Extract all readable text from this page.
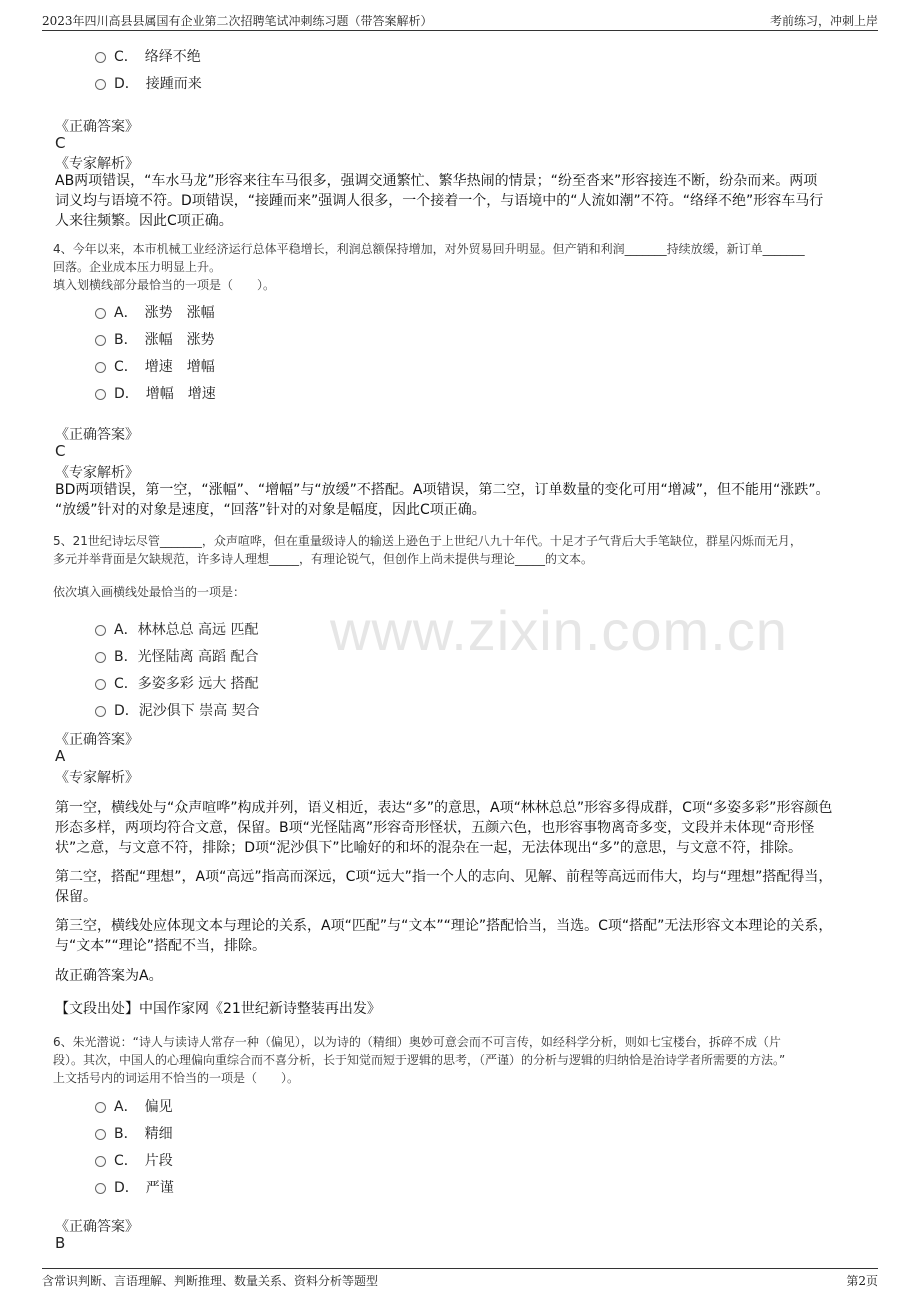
2023年四川高县县属国有企业第二次招聘笔试冲刺练习题（带答案解析）	考前练习，冲刺上岸
www.zixin.com.cn
C．　络绎不绝
D．　接踵而来
《正确答案》
C
《专家解析》
AB两项错误，“车水马龙”形容来往车马很多，强调交通繁忙、繁华热闹的情景；“纷至沓来”形容接连不断，纷杂而来。两项
词义均与语境不符。D项错误，“接踵而来”强调人很多，一个接着一个，与语境中的“人流如潮”不符。“络绎不绝”形容车马行
人来往频繁。因此C项正确。
4、今年以来，本市机械工业经济运行总体平稳增长，利润总额保持增加，对外贸易回升明显。但产销和利润_______持续放缓，新订单_______
回落。企业成本压力明显上升。
填入划横线部分最恰当的一项是（　　）。
A．　涨势　涨幅
B．　涨幅　涨势
C．　增速　增幅
D．　增幅　增速
《正确答案》
C
《专家解析》
BD两项错误，第一空，“涨幅”、“增幅”与“放缓”不搭配。A项错误，第二空，订单数量的变化可用“增减”，但不能用“涨跌”。
“放缓”针对的对象是速度，“回落”针对的对象是幅度，因此C项正确。
5、21世纪诗坛尽管_______，众声喧哗，但在重量级诗人的输送上逊色于上世纪八九十年代。十足才子气背后大手笔缺位，群星闪烁而无月，
多元并举背面是欠缺规范，许多诗人理想_____，有理论锐气，但创作上尚未提供与理论_____的文本。
依次填入画横线处最恰当的一项是：
A．林林总总 高远 匹配
B．光怪陆离 高蹈 配合
C．多姿多彩 远大 搭配
D．泥沙俱下 崇高 契合
《正确答案》
A
《专家解析》
第一空，横线处与“众声喧哗”构成并列，语义相近，表达“多”的意思，A项“林林总总”形容多得成群，C项“多姿多彩”形容颜色
形态多样，两项均符合文意，保留。B项“光怪陆离”形容奇形怪状，五颜六色，也形容事物离奇多变，文段并未体现“奇形怪
状”之意，与文意不符，排除；D项“泥沙俱下”比喻好的和坏的混杂在一起，无法体现出“多”的意思，与文意不符，排除。
第二空，搭配“理想”，A项“高远”指高而深远，C项“远大”指一个人的志向、见解、前程等高远而伟大，均与“理想”搭配得当，
保留。
第三空，横线处应体现文本与理论的关系，A项“匹配”与“文本”“理论”搭配恰当，当选。C项“搭配”无法形容文本理论的关系，
与“文本”“理论”搭配不当，排除。
故正确答案为A。
【文段出处】中国作家网《21世纪新诗整装再出发》
6、朱光潜说：“诗人与读诗人常存一种（偏见），以为诗的（精细）奥妙可意会而不可言传，如经科学分析，则如七宝楼台，拆碎不成（片
段）。其次，中国人的心理偏向重综合而不喜分析，长于知觉而短于逻辑的思考，（严谨）的分析与逻辑的归纳恰是治诗学者所需要的方法。”
上文括号内的词运用不恰当的一项是（　　）。
A．　偏见
B．　精细
C．　片段
D．　严谨
《正确答案》
B
含常识判断、言语理解、判断推理、数量关系、资料分析等题型	第2页
